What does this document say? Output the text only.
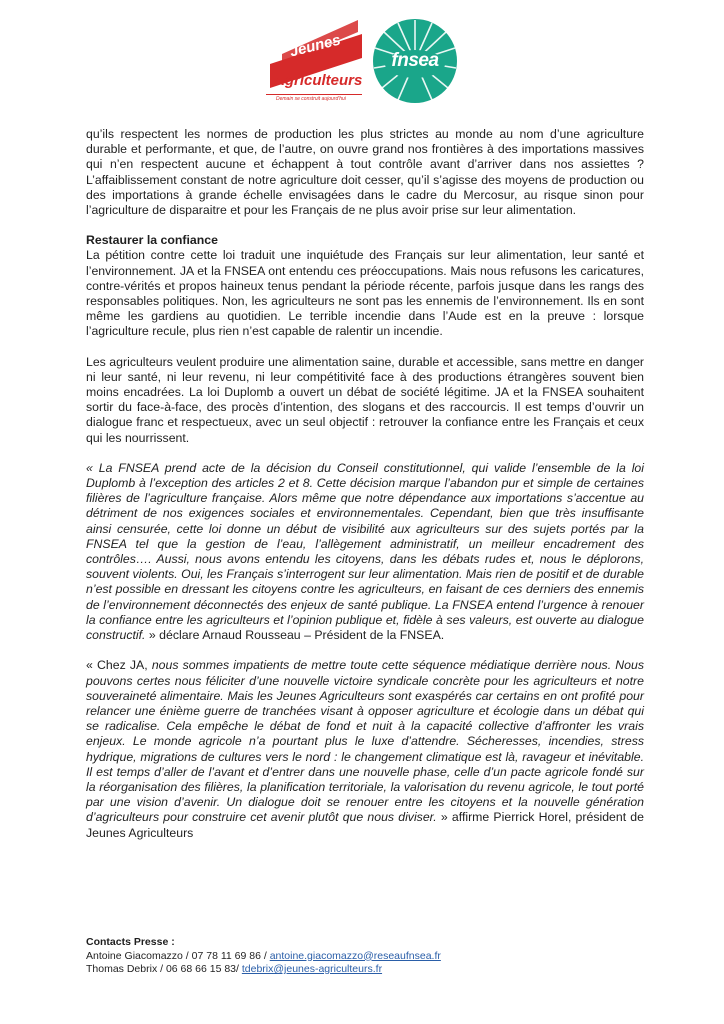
Jeunes
Agriculteurs
Demain se construit aujourd'hui
fnsea

qu’ils respectent les normes de production les plus strictes au monde au nom d’une agriculture durable et performante, et que, de l’autre, on ouvre grand nos frontières à des importations massives qui n’en respectent aucune et échappent à tout contrôle avant d’arriver dans nos assiettes ? L’affaiblissement constant de notre agriculture doit cesser, qu’il s’agisse des moyens de production ou des importations à grande échelle envisagées dans le cadre du Mercosur, au risque sinon pour l’agriculture de disparaitre et pour les Français de ne plus avoir prise sur leur alimentation.

Restaurer la confiance

La pétition contre cette loi traduit une inquiétude des Français sur leur alimentation, leur santé et l’environnement. JA et la FNSEA ont entendu ces préoccupations. Mais nous refusons les caricatures, contre-vérités et propos haineux tenus pendant la période récente, parfois jusque dans les rangs des responsables politiques. Non, les agriculteurs ne sont pas les ennemis de l’environnement. Ils en sont même les gardiens au quotidien. Le terrible incendie dans l’Aude est en la preuve : lorsque l’agriculture recule, plus rien n’est capable de ralentir un incendie.

Les agriculteurs veulent produire une alimentation saine, durable et accessible, sans mettre en danger ni leur santé, ni leur revenu, ni leur compétitivité face à des productions étrangères souvent bien moins encadrées. La loi Duplomb a ouvert un débat de société légitime. JA et la FNSEA souhaitent sortir du face-à-face, des procès d’intention, des slogans et des raccourcis. Il est temps d’ouvrir un dialogue franc et respectueux, avec un seul objectif : retrouver la confiance entre les Français et ceux qui les nourrissent.

« La FNSEA prend acte de la décision du Conseil constitutionnel, qui valide l’ensemble de la loi Duplomb à l’exception des articles 2 et 8. Cette décision marque l’abandon pur et simple de certaines filières de l’agriculture française. Alors même que notre dépendance aux importations s’accentue au détriment de nos exigences sociales et environnementales. Cependant, bien que très insuffisante ainsi censurée, cette loi donne un début de visibilité aux agriculteurs sur des sujets portés par la FNSEA tel que la gestion de l’eau, l’allègement administratif, un meilleur encadrement des contrôles…. Aussi, nous avons entendu les citoyens, dans les débats rudes et, nous le déplorons, souvent violents. Oui, les Français s’interrogent sur leur alimentation. Mais rien de positif et de durable n’est possible en dressant les citoyens contre les agriculteurs, en faisant de ces derniers des ennemis de l’environnement déconnectés des enjeux de santé publique. La FNSEA entend l’urgence à renouer la confiance entre les agriculteurs et l’opinion publique et, fidèle à ses valeurs, est ouverte au dialogue constructif. » déclare Arnaud Rousseau – Président de la FNSEA.

« Chez JA, nous sommes impatients de mettre toute cette séquence médiatique derrière nous. Nous pouvons certes nous féliciter d’une nouvelle victoire syndicale concrète pour les agriculteurs et notre souveraineté alimentaire. Mais les Jeunes Agriculteurs sont exaspérés car certains en ont profité pour relancer une énième guerre de tranchées visant à opposer agriculture et écologie dans un débat qui se radicalise. Cela empêche le débat de fond et nuit à la capacité collective d’affronter les vrais enjeux. Le monde agricole n’a pourtant plus le luxe d’attendre. Sécheresses, incendies, stress hydrique, migrations de cultures vers le nord : le changement climatique est là, ravageur et inévitable. Il est temps d’aller de l’avant et d’entrer dans une nouvelle phase, celle d’un pacte agricole fondé sur la réorganisation des filières, la planification territoriale, la valorisation du revenu agricole, le tout porté par une vision d’avenir. Un dialogue doit se renouer entre les citoyens et la nouvelle génération d’agriculteurs pour construire cet avenir plutôt que nous diviser. » affirme Pierrick Horel, président de Jeunes Agriculteurs

Contacts Presse :
Antoine Giacomazzo / 07 78 11 69 86 / antoine.giacomazzo@reseaufnsea.fr
Thomas Debrix / 06 68 66 15 83/ tdebrix@jeunes-agriculteurs.fr
